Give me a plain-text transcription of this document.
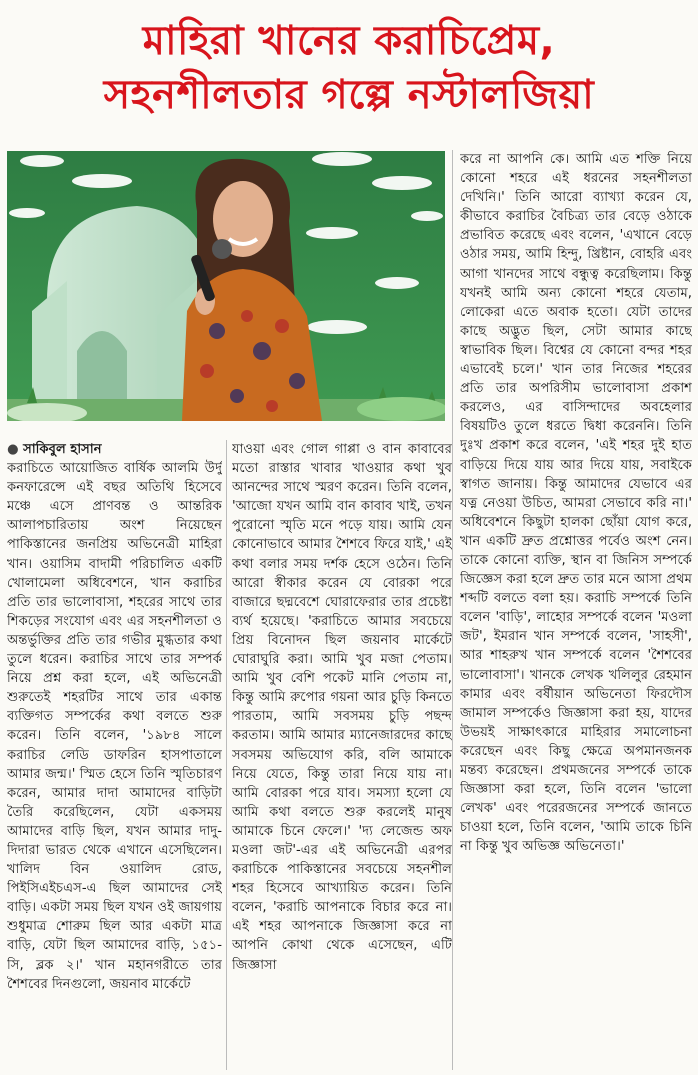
মাহিরা খানের করাচিপ্রেম,
সহনশীলতার গল্পে নস্টালজিয়া
● সাকিবুল হাসান

করাচিতে আয়োজিত বার্ষিক আলমি উর্দু কনফারেন্সে এই বছর অতিথি হিসেবে মঞ্চে এসে প্রাণবন্ত ও আন্তরিক আলাপচারিতায় অংশ নিয়েছেন পাকিস্তানের জনপ্রিয় অভিনেত্রী মাহিরা খান। ওয়াসিম বাদামী পরিচালিত একটি খোলামেলা অধিবেশনে, খান করাচির প্রতি তার ভালোবাসা, শহরের সাথে তার শিকড়ের সংযোগ এবং এর সহনশীলতা ও অন্তর্ভুক্তির প্রতি তার গভীর মুগ্ধতার কথা তুলে ধরেন। করাচির সাথে তার সম্পর্ক নিয়ে প্রশ্ন করা হলে, এই অভিনেত্রী শুরুতেই শহরটির সাথে তার একান্ত ব্যক্তিগত সম্পর্কের কথা বলতে শুরু করেন। তিনি বলেন, '১৯৮৪ সালে করাচির লেডি ডাফরিন হাসপাতালে আমার জন্ম।' স্মিত হেসে তিনি স্মৃতিচারণ করেন, আমার দাদা আমাদের বাড়িটা তৈরি করেছিলেন, যেটা একসময় আমাদের বাড়ি ছিল, যখন আমার দাদু-দিদারা ভারত থেকে এখানে এসেছিলেন। খালিদ বিন ওয়ালিদ রোড, পিইসিএইচএস-এ ছিল আমাদের সেই বাড়ি। একটা সময় ছিল যখন ওই জায়গায় শুধুমাত্র শোরুম ছিল আর একটা মাত্র বাড়ি, যেটা ছিল আমাদের বাড়ি, ১৫১-সি, ব্লক ২।' খান মহানগরীতে তার শৈশবের দিনগুলো, জয়নাব মার্কেটে

যাওয়া এবং গোল গাপ্পা ও বান কাবাবের মতো রাস্তার খাবার খাওয়ার কথা খুব আনন্দের সাথে স্মরণ করেন। তিনি বলেন, 'আজো যখন আমি বান কাবাব খাই, তখন পুরোনো স্মৃতি মনে পড়ে যায়। আমি যেন কোনোভাবে আমার শৈশবে ফিরে যাই,' এই কথা বলার সময় দর্শক হেসে ওঠেন। তিনি আরো স্বীকার করেন যে বোরকা পরে বাজারে ছদ্মবেশে ঘোরাফেরার তার প্রচেষ্টা ব্যর্থ হয়েছে। 'করাচিতে আমার সবচেয়ে প্রিয় বিনোদন ছিল জয়নাব মার্কেটে ঘোরাঘুরি করা। আমি খুব মজা পেতাম। আমি খুব বেশি পকেট মানি পেতাম না, কিন্তু আমি রুপোর গয়না আর চুড়ি কিনতে পারতাম, আমি সবসময় চুড়ি পছন্দ করতাম। আমি আমার ম্যানেজারদের কাছে সবসময় অভিযোগ করি, বলি আমাকে নিয়ে যেতে, কিন্তু তারা নিয়ে যায় না। আমি বোরকা পরে যাব। সমস্যা হলো যে আমি কথা বলতে শুরু করলেই মানুষ আমাকে চিনে ফেলে।' 'দ্য লেজেন্ড অফ মওলা জট'-এর এই অভিনেত্রী এরপর করাচিকে পাকিস্তানের সবচেয়ে সহনশীল শহর হিসেবে আখ্যায়িত করেন। তিনি বলেন, 'করাচি আপনাকে বিচার করে না। এই শহর আপনাকে জিজ্ঞাসা করে না আপনি কোথা থেকে এসেছেন, এটি জিজ্ঞাসা

করে না আপনি কে। আমি এত শক্তি নিয়ে কোনো শহরে এই ধরনের সহনশীলতা দেখিনি।' তিনি আরো ব্যাখ্যা করেন যে, কীভাবে করাচির বৈচিত্র্য তার বেড়ে ওঠাকে প্রভাবিত করেছে এবং বলেন, 'এখানে বেড়ে ওঠার সময়, আমি হিন্দু, খ্রিষ্টান, বোহরি এবং আগা খানদের সাথে বন্ধুত্ব করেছিলাম। কিন্তু যখনই আমি অন্য কোনো শহরে যেতাম, লোকেরা এতে অবাক হতো। যেটা তাদের কাছে অদ্ভুত ছিল, সেটা আমার কাছে স্বাভাবিক ছিল। বিশ্বের যে কোনো বন্দর শহর এভাবেই চলে।' খান তার নিজের শহরের প্রতি তার অপরিসীম ভালোবাসা প্রকাশ করলেও, এর বাসিন্দাদের অবহেলার বিষয়টিও তুলে ধরতে দ্বিধা করেননি। তিনি দুঃখ প্রকাশ করে বলেন, 'এই শহর দুই হাত বাড়িয়ে দিয়ে যায় আর দিয়ে যায়, সবাইকে স্বাগত জানায়। কিন্তু আমাদের যেভাবে এর যত্ন নেওয়া উচিত, আমরা সেভাবে করি না।' অধিবেশনে কিছুটা হালকা ছোঁয়া যোগ করে, খান একটি দ্রুত প্রশ্নোত্তর পর্বেও অংশ নেন। তাকে কোনো ব্যক্তি, স্থান বা জিনিস সম্পর্কে জিজ্ঞেস করা হলে দ্রুত তার মনে আসা প্রথম শব্দটি বলতে বলা হয়। করাচি সম্পর্কে তিনি বলেন 'বাড়ি', লাহোর সম্পর্কে বলেন 'মওলা জট', ইমরান খান সম্পর্কে বলেন, 'সাহসী', আর শাহরুখ খান সম্পর্কে বলেন 'শৈশবের ভালোবাসা'। খানকে লেখক খলিলুর রেহমান কামার এবং বর্ষীয়ান অভিনেতা ফিরদৌস জামাল সম্পর্কেও জিজ্ঞাসা করা হয়, যাদের উভয়ই সাক্ষাৎকারে মাহিরার সমালোচনা করেছেন এবং কিছু ক্ষেত্রে অপমানজনক মন্তব্য করেছেন। প্রথমজনের সম্পর্কে তাকে জিজ্ঞাসা করা হলে, তিনি বলেন 'ভালো লেখক' এবং পরেরজনের সম্পর্কে জানতে চাওয়া হলে, তিনি বলেন, 'আমি তাকে চিনি না কিন্তু খুব অভিজ্ঞ অভিনেতা।'
